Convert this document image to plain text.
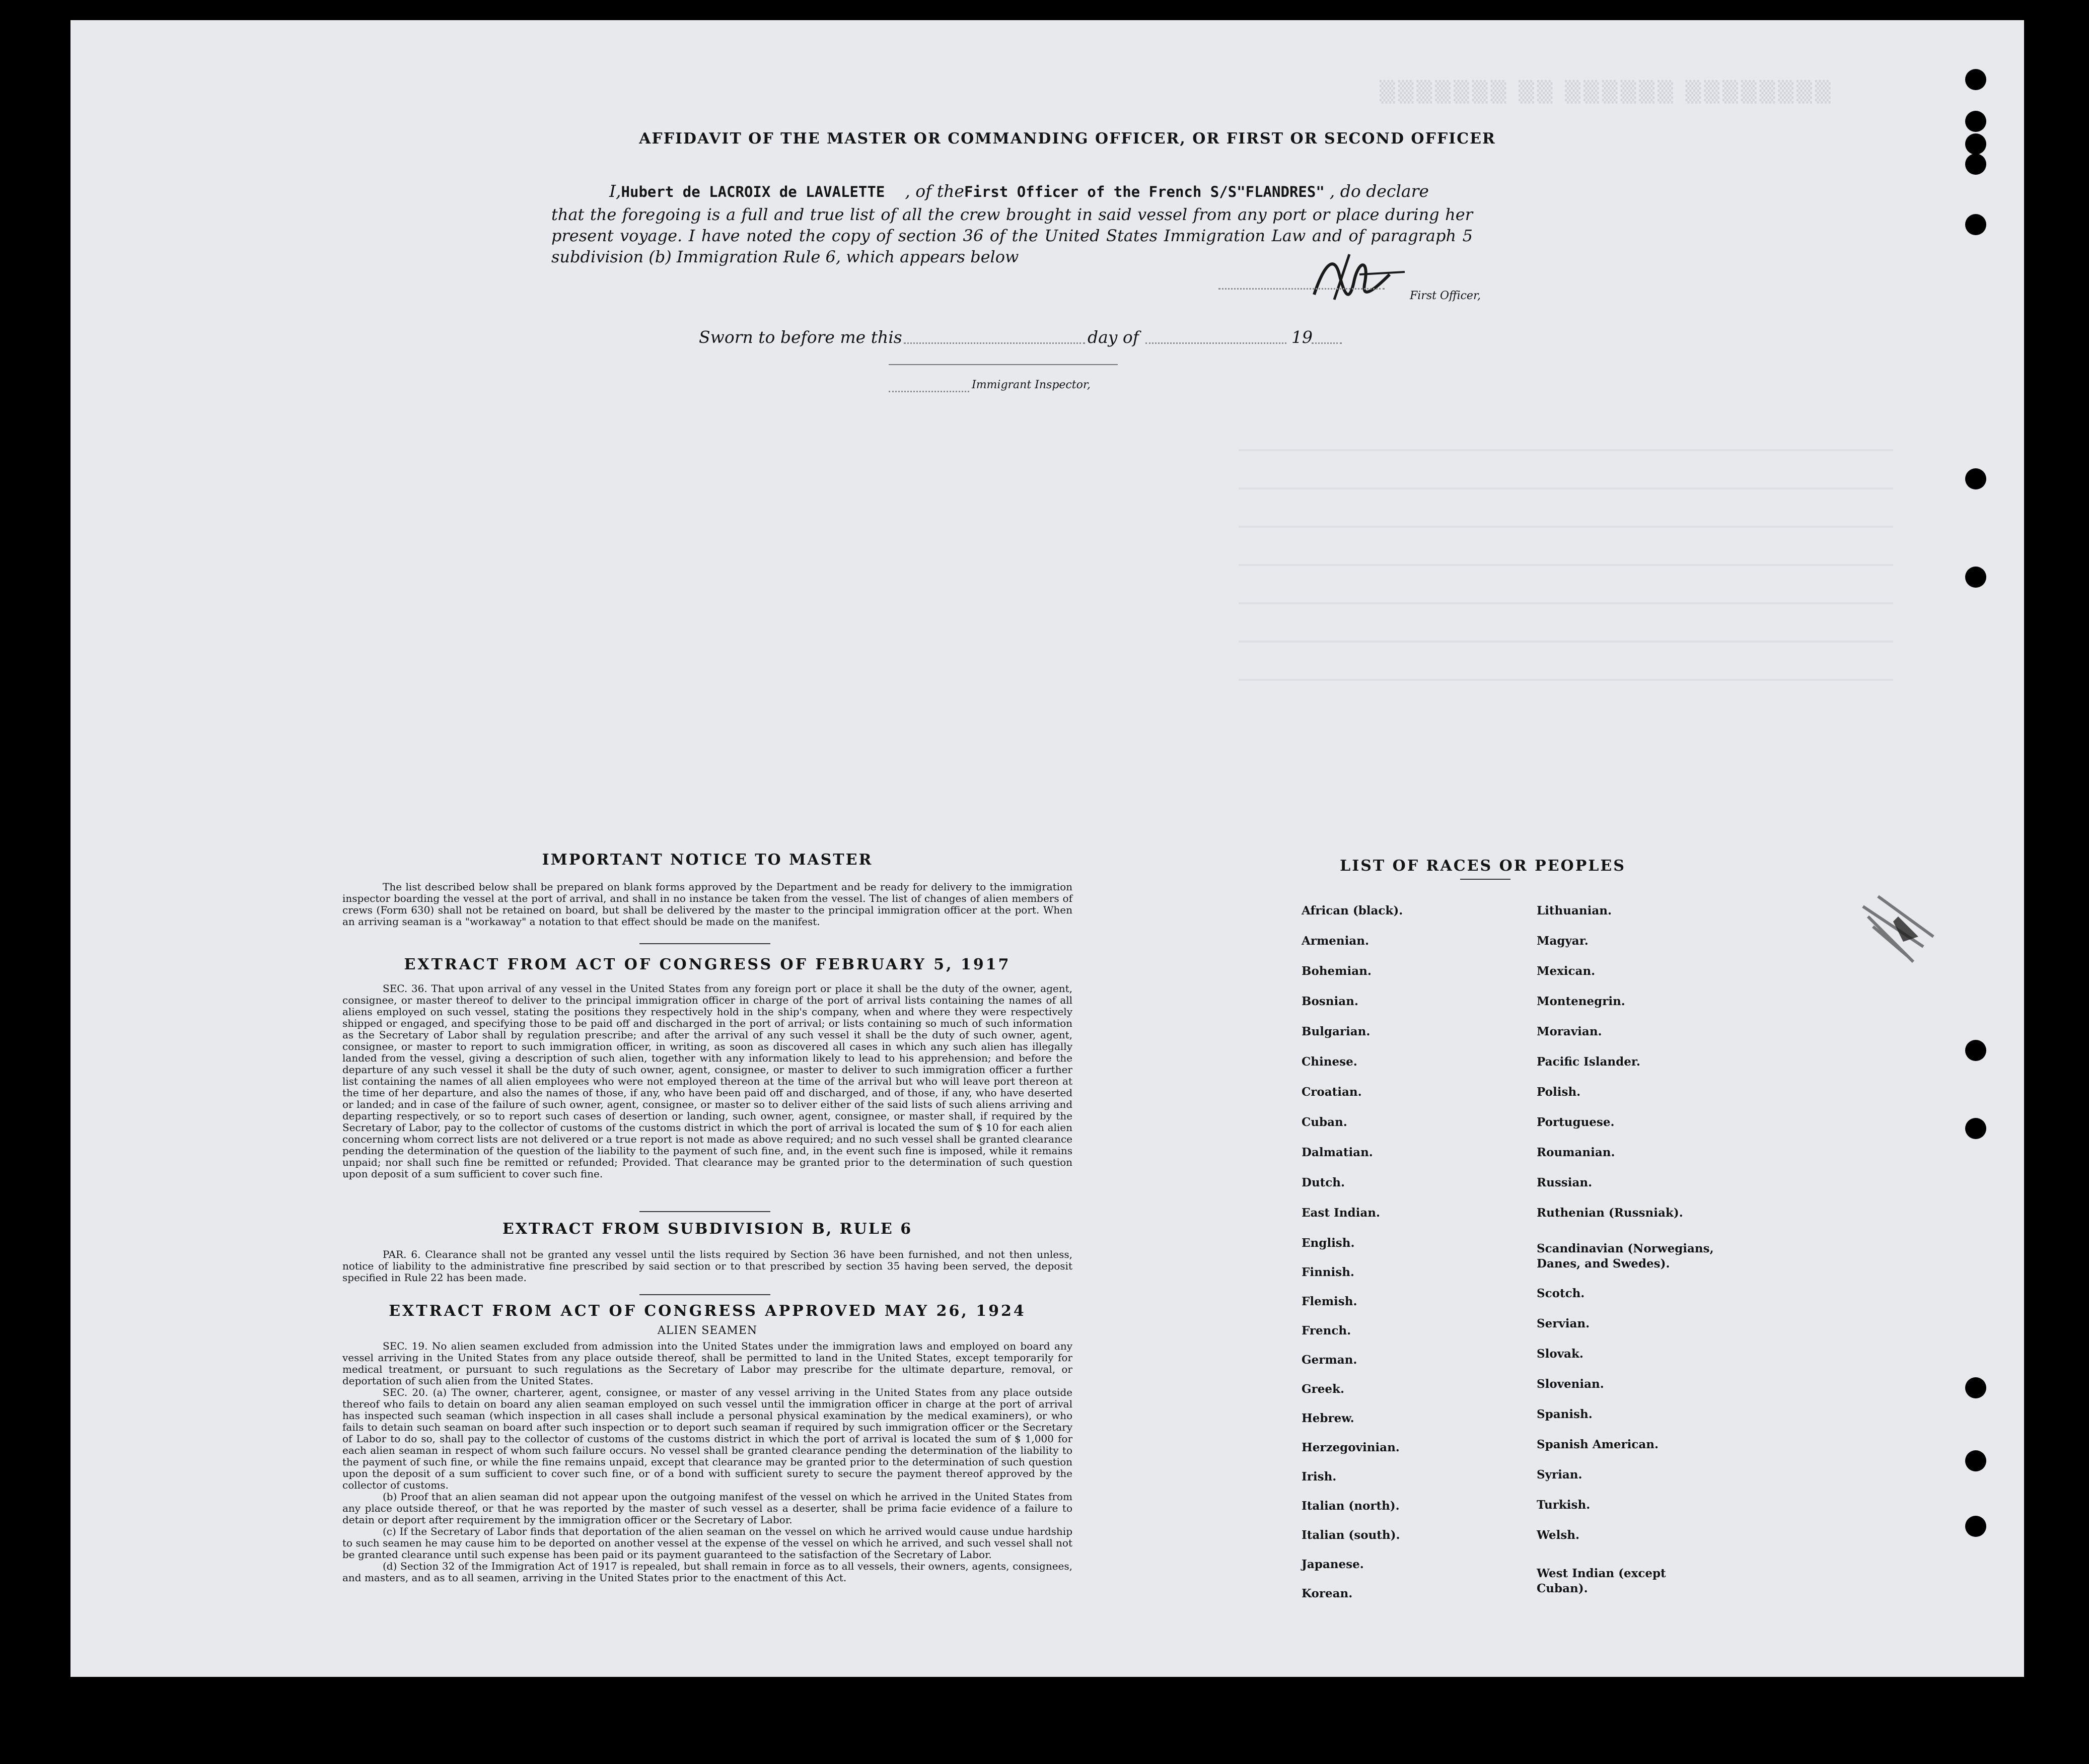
▒▒▒▒▒▒▒ ▒▒ ▒▒▒▒▒▒ ▒▒▒▒▒▒▒▒
AFFIDAVIT OF THE MASTER OR COMMANDING OFFICER, OR FIRST OR SECOND OFFICER
I,Hubert de LACROIX de LAVALETTE , of theFirst Officer of the French S/S"FLANDRES" , do declare
that the foregoing is a full and true list of all the crew brought in said vessel from any port or place during her present voyage. I have noted the copy of section 36 of the United States Immigration Law and of paragraph 5 subdivision (b) Immigration Rule 6, which appears below
First Officer,
Sworn to before me this	day of	19
Immigrant Inspector,
IMPORTANT NOTICE TO MASTER
The list described below shall be prepared on blank forms approved by the Department and be ready for delivery to the immigration inspector boarding the vessel at the port of arrival, and shall in no instance be taken from the vessel. The list of changes of alien members of crews (Form 630) shall not be retained on board, but shall be delivered by the master to the principal immigration officer at the port. When an arriving seaman is a "workaway" a notation to that effect should be made on the manifest.
EXTRACT FROM ACT OF CONGRESS OF FEBRUARY 5, 1917
SEC. 36. That upon arrival of any vessel in the United States from any foreign port or place it shall be the duty of the owner, agent, consignee, or master thereof to deliver to the principal immigration officer in charge of the port of arrival lists containing the names of all aliens employed on such vessel, stating the positions they respectively hold in the ship's company, when and where they were respectively shipped or engaged, and specifying those to be paid off and discharged in the port of arrival; or lists containing so much of such information as the Secretary of Labor shall by regulation prescribe; and after the arrival of any such vessel it shall be the duty of such owner, agent, consignee, or master to report to such immigration officer, in writing, as soon as discovered all cases in which any such alien has illegally landed from the vessel, giving a description of such alien, together with any information likely to lead to his apprehension; and before the departure of any such vessel it shall be the duty of such owner, agent, consignee, or master to deliver to such immigration officer a further list containing the names of all alien employees who were not employed thereon at the time of the arrival but who will leave port thereon at the time of her departure, and also the names of those, if any, who have been paid off and discharged, and of those, if any, who have deserted or landed; and in case of the failure of such owner, agent, consignee, or master so to deliver either of the said lists of such aliens arriving and departing respectively, or so to report such cases of desertion or landing, such owner, agent, consignee, or master shall, if required by the Secretary of Labor, pay to the collector of customs of the customs district in which the port of arrival is located the sum of $ 10 for each alien concerning whom correct lists are not delivered or a true report is not made as above required; and no such vessel shall be granted clearance pending the determination of the question of the liability to the payment of such fine, and, in the event such fine is imposed, while it remains unpaid; nor shall such fine be remitted or refunded; Provided. That clearance may be granted prior to the determination of such question upon deposit of a sum sufficient to cover such fine.
EXTRACT FROM SUBDIVISION B, RULE 6
PAR. 6. Clearance shall not be granted any vessel until the lists required by Section 36 have been furnished, and not then unless, notice of liability to the administrative fine prescribed by said section or to that prescribed by section 35 having been served, the deposit specified in Rule 22 has been made.
EXTRACT FROM ACT OF CONGRESS APPROVED MAY 26, 1924
ALIEN SEAMEN
SEC. 19. No alien seamen excluded from admission into the United States under the immigration laws and employed on board any vessel arriving in the United States from any place outside thereof, shall be permitted to land in the United States, except temporarily for medical treatment, or pursuant to such regulations as the Secretary of Labor may prescribe for the ultimate departure, removal, or deportation of such alien from the United States.
SEC. 20. (a) The owner, charterer, agent, consignee, or master of any vessel arriving in the United States from any place outside thereof who fails to detain on board any alien seaman employed on such vessel until the immigration officer in charge at the port of arrival has inspected such seaman (which inspection in all cases shall include a personal physical examination by the medical examiners), or who fails to detain such seaman on board after such inspection or to deport such seaman if required by such immigration officer or the Secretary of Labor to do so, shall pay to the collector of customs of the customs district in which the port of arrival is located the sum of $ 1,000 for each alien seaman in respect of whom such failure occurs. No vessel shall be granted clearance pending the determination of the liability to the payment of such fine, or while the fine remains unpaid, except that clearance may be granted prior to the determination of such question upon the deposit of a sum sufficient to cover such fine, or of a bond with sufficient surety to secure the payment thereof approved by the collector of customs.
(b) Proof that an alien seaman did not appear upon the outgoing manifest of the vessel on which he arrived in the United States from any place outside thereof, or that he was reported by the master of such vessel as a deserter, shall be prima facie evidence of a failure to detain or deport after requirement by the immigration officer or the Secretary of Labor.
(c) If the Secretary of Labor finds that deportation of the alien seaman on the vessel on which he arrived would cause undue hardship to such seamen he may cause him to be deported on another vessel at the expense of the vessel on which he arrived, and such vessel shall not be granted clearance until such expense has been paid or its payment guaranteed to the satisfaction of the Secretary of Labor.
(d) Section 32 of the Immigration Act of 1917 is repealed, but shall remain in force as to all vessels, their owners, agents, consignees, and masters, and as to all seamen, arriving in the United States prior to the enactment of this Act.
LIST OF RACES OR PEOPLES
African (black).
Armenian.
Bohemian.
Bosnian.
Bulgarian.
Chinese.
Croatian.
Cuban.
Dalmatian.
Dutch.
East Indian.
English.
Finnish.
Flemish.
French.
German.
Greek.
Hebrew.
Herzegovinian.
Irish.
Italian (north).
Italian (south).
Japanese.
Korean.
Lithuanian.
Magyar.
Mexican.
Montenegrin.
Moravian.
Pacific Islander.
Polish.
Portuguese.
Roumanian.
Russian.
Ruthenian (Russniak).
Scandinavian (Norwegians, Danes, and Swedes).
Scotch.
Servian.
Slovak.
Slovenian.
Spanish.
Spanish American.
Syrian.
Turkish.
Welsh.
West Indian (except Cuban).
